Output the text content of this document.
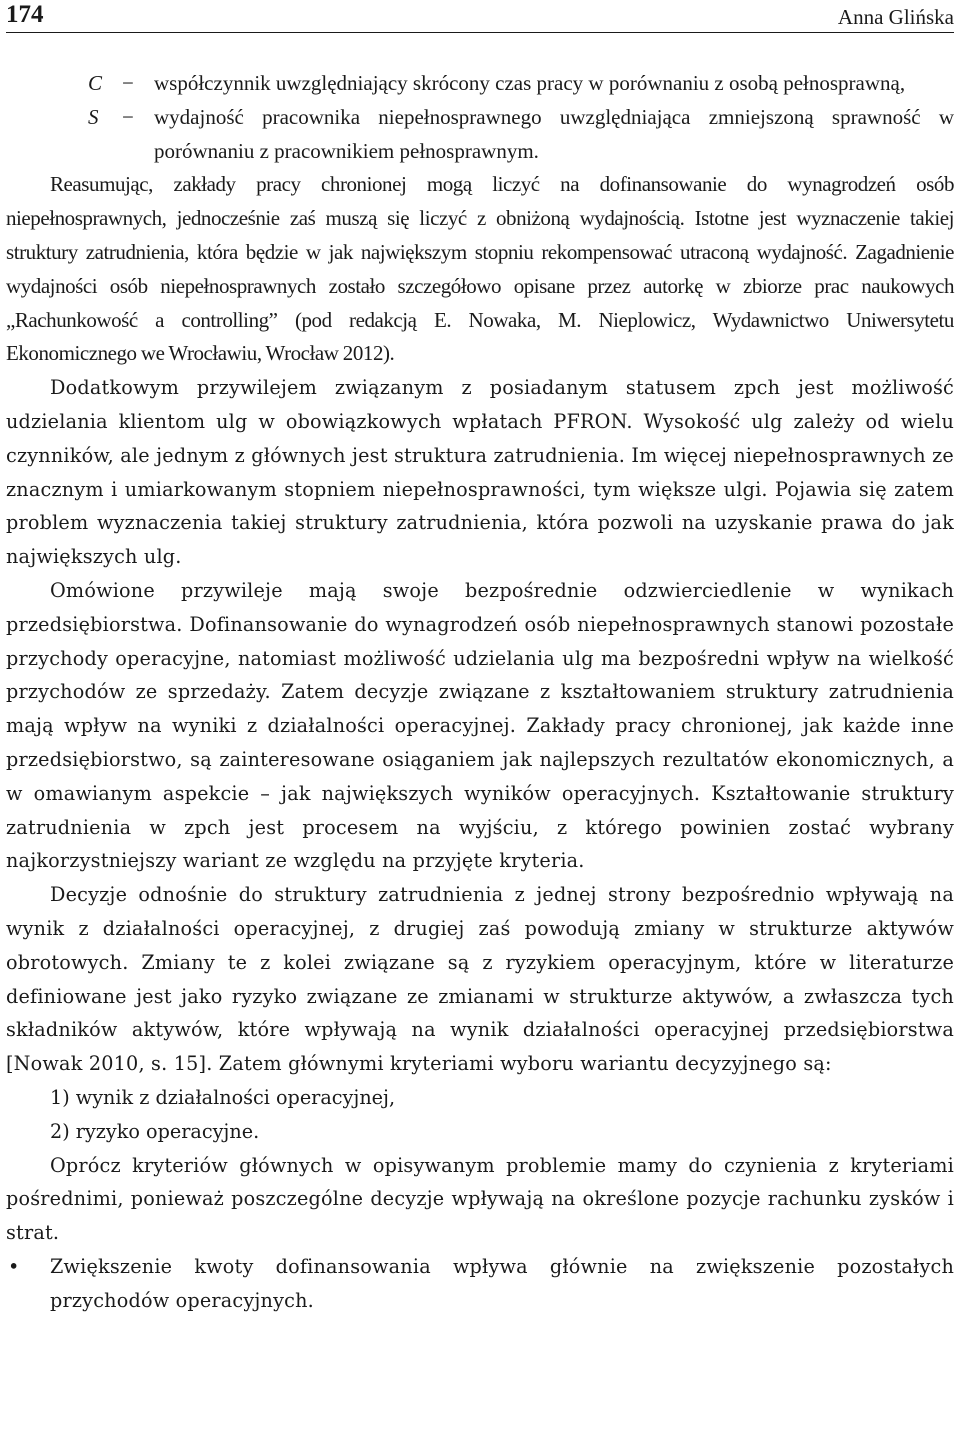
174	Anna Glińska
C − współczynnik uwzględniający skrócony czas pracy w porównaniu z osobą pełnosprawną,
S − wydajność pracownika niepełnosprawnego uwzględniająca zmniejszoną sprawność w porównaniu z pracownikiem pełnosprawnym.

Reasumując, zakłady pracy chronionej mogą liczyć na dofinansowanie do wynagrodzeń osób niepełnosprawnych, jednocześnie zaś muszą się liczyć z obniżoną wydajnością. Istotne jest wyznaczenie takiej struktury zatrudnienia, która będzie w jak największym stopniu rekompensować utraconą wydajność. Zagadnienie wydajności osób niepełnosprawnych zostało szczegółowo opisane przez autorkę w zbiorze prac naukowych „Rachunkowość a controlling” (pod redakcją E. Nowaka, M. Nieplowicz, Wydawnictwo Uniwersytetu Ekonomicznego we Wrocławiu, Wrocław 2012).

Dodatkowym przywilejem związanym z posiadanym statusem zpch jest możliwość udzielania klientom ulg w obowiązkowych wpłatach PFRON. Wysokość ulg zależy od wielu czynników, ale jednym z głównych jest struktura zatrudnienia. Im więcej niepełnosprawnych ze znacznym i umiarkowanym stopniem niepełnosprawności, tym większe ulgi. Pojawia się zatem problem wyznaczenia takiej struktury zatrudnienia, która pozwoli na uzyskanie prawa do jak największych ulg.

Omówione przywileje mają swoje bezpośrednie odzwierciedlenie w wynikach przedsiębiorstwa. Dofinansowanie do wynagrodzeń osób niepełnosprawnych stanowi pozostałe przychody operacyjne, natomiast możliwość udzielania ulg ma bezpośredni wpływ na wielkość przychodów ze sprzedaży. Zatem decyzje związane z kształtowaniem struktury zatrudnienia mają wpływ na wyniki z działalności operacyjnej. Zakłady pracy chronionej, jak każde inne przedsiębiorstwo, są zainteresowane osiąganiem jak najlepszych rezultatów ekonomicznych, a w omawianym aspekcie – jak największych wyników operacyjnych. Kształtowanie struktury zatrudnienia w zpch jest procesem na wyjściu, z którego powinien zostać wybrany najkorzystniejszy wariant ze względu na przyjęte kryteria.

Decyzje odnośnie do struktury zatrudnienia z jednej strony bezpośrednio wpływają na wynik z działalności operacyjnej, z drugiej zaś powodują zmiany w strukturze aktywów obrotowych. Zmiany te z kolei związane są z ryzykiem operacyjnym, które w literaturze definiowane jest jako ryzyko związane ze zmianami w strukturze aktywów, a zwłaszcza tych składników aktywów, które wpływają na wynik działalności operacyjnej przedsiębiorstwa [Nowak 2010, s. 15]. Zatem głównymi kryteriami wyboru wariantu decyzyjnego są:

1) wynik z działalności operacyjnej,
2) ryzyko operacyjne.

Oprócz kryteriów głównych w opisywanym problemie mamy do czynienia z kryteriami pośrednimi, ponieważ poszczególne decyzje wpływają na określone pozycje rachunku zysków i strat.

• Zwiększenie kwoty dofinansowania wpływa głównie na zwiększenie pozostałych przychodów operacyjnych.
